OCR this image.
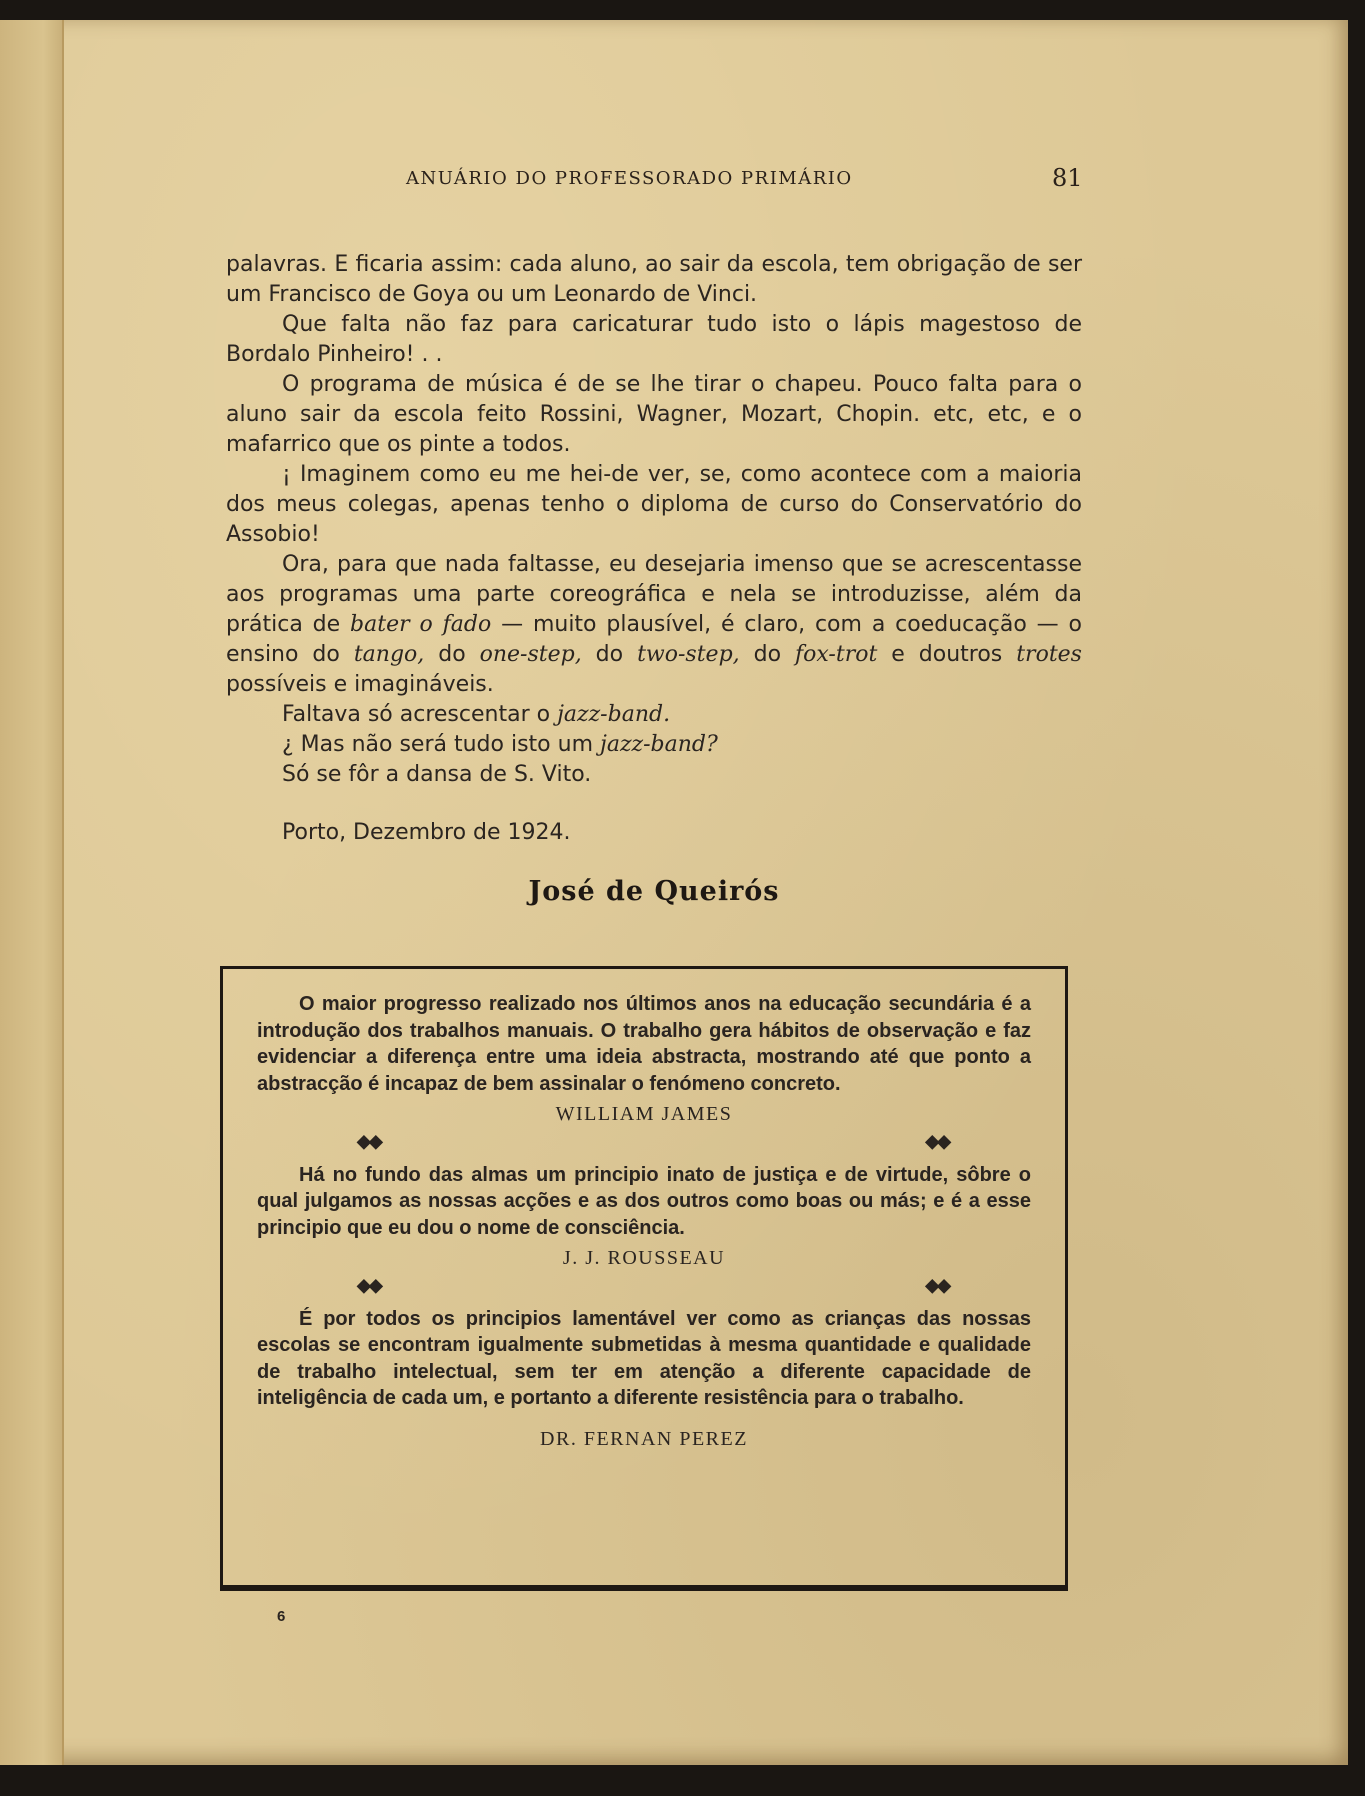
ANUÁRIO DO PROFESSORADO PRIMÁRIO	81

palavras. E ficaria assim: cada aluno, ao sair da escola, tem obrigação de ser um Francisco de Goya ou um Leonardo de Vinci.

Que falta não faz para caricaturar tudo isto o lápis magestoso de Bordalo Pinheiro! . .

O programa de música é de se lhe tirar o chapeu. Pouco falta para o aluno sair da escola feito Rossini, Wagner, Mozart, Chopin. etc, etc, e o mafarrico que os pinte a todos.

¡ Imaginem como eu me hei-de ver, se, como acontece com a maioria dos meus colegas, apenas tenho o diploma de curso do Conservatório do Assobio!

Ora, para que nada faltasse, eu desejaria imenso que se acrescentasse aos programas uma parte coreográfica e nela se introduzisse, além da prática de bater o fado — muito plausível, é claro, com a coeducação — o ensino do tango, do one-step, do two-step, do fox-trot e doutros trotes possíveis e imagináveis.

Faltava só acrescentar o jazz-band.

¿ Mas não será tudo isto um jazz-band?

Só se fôr a dansa de S. Vito.

Porto, Dezembro de 1924.

José de Queirós

O maior progresso realizado nos últimos anos na educação secundária é a introdução dos trabalhos manuais. O trabalho gera hábitos de observação e faz evidenciar a diferença entre uma ideia abstracta, mostrando até que ponto a abstracção é incapaz de bem assinalar o fenómeno concreto.

WILLIAM JAMES
◆◆	◆◆

Há no fundo das almas um principio inato de justiça e de virtude, sôbre o qual julgamos as nossas acções e as dos outros como boas ou más; e é a esse principio que eu dou o nome de consciência.

J. J. ROUSSEAU
◆◆	◆◆

É por todos os principios lamentável ver como as crianças das nossas escolas se encontram igualmente submetidas à mesma quantidade e qualidade de trabalho intelectual, sem ter em atenção a diferente capacidade de inteligência de cada um, e portanto a diferente resistência para o trabalho.

DR. FERNAN PEREZ
6
